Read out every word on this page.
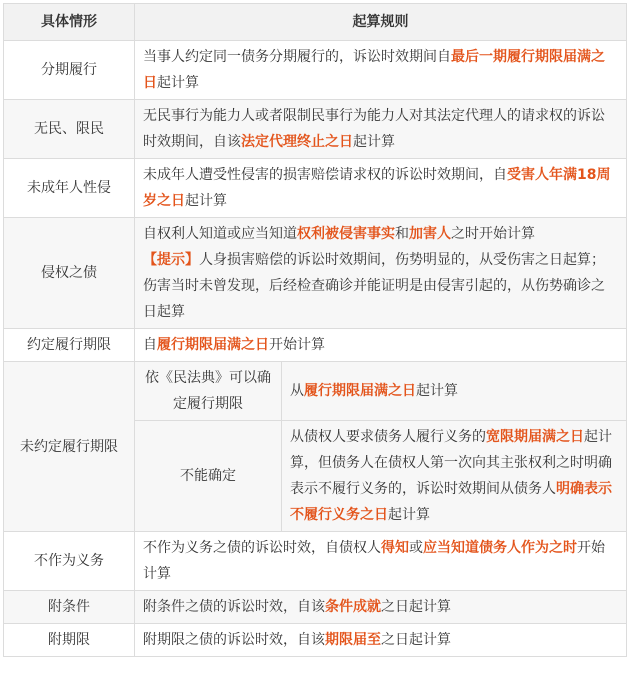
具体情形	起算规则	
分期履行	当事人约定同一债务分期履行的，诉讼时效期间自最后一期履行期限届满之日起计算	
无民、限民	无民事行为能力人或者限制民事行为能力人对其法定代理人的请求权的诉讼时效期间，自该法定代理终止之日起计算	
未成年人性侵	未成年人遭受性侵害的损害赔偿请求权的诉讼时效期间，自受害人年满18周岁之日起计算	
侵权之债	自权利人知道或应当知道权利被侵害事实和加害人之时开始计算
【提示】人身损害赔偿的诉讼时效期间，伤势明显的，从受伤害之日起算；伤害当时未曾发现，后经检查确诊并能证明是由侵害引起的，从伤势确诊之日起算	
约定履行期限	自履行期限届满之日开始计算	
未约定履行期限	依《民法典》可以确定履行期限	从履行期限届满之日起计算
	不能确定	从债权人要求债务人履行义务的宽限期届满之日起计算，但债务人在债权人第一次向其主张权利之时明确表示不履行义务的，诉讼时效期间从债务人明确表示不履行义务之日起计算
不作为义务	不作为义务之债的诉讼时效，自债权人得知或应当知道债务人作为之时开始计算	
附条件	附条件之债的诉讼时效，自该条件成就之日起计算	
附期限	附期限之债的诉讼时效，自该期限届至之日起计算	
